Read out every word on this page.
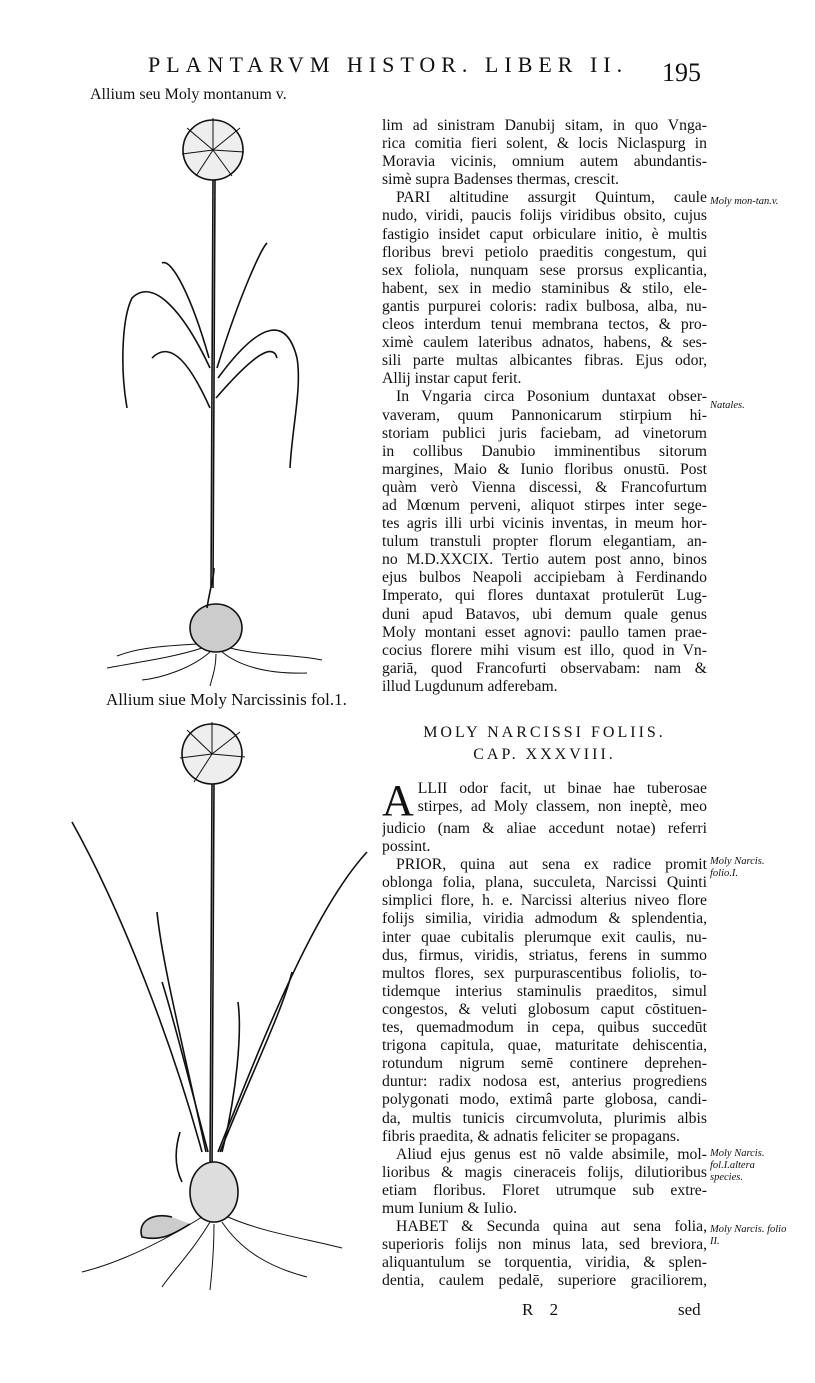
PLANTARVM HISTOR. LIBER II. 195
Allium seu Moly montanum v.
Allium siue Moly Narcissinis fol.1.
lim ad sinistram Danubij sitam, in quo Vnga-
rica comitia fieri solent, & locis Niclaspurg in
Moravia vicinis, omnium autem abundantis-
simè supra Badenses thermas, crescit.
PARI altitudine assurgit Quintum, caule
nudo, viridi, paucis folijs viridibus obsito, cujus
fastigio insidet caput orbiculare initio, è multis
floribus brevi petiolo praeditis congestum, qui
sex foliola, nunquam sese prorsus explicantia,
habent, sex in medio staminibus & stilo, ele-
gantis purpurei coloris: radix bulbosa, alba, nu-
cleos interdum tenui membrana tectos, & pro-
ximè caulem lateribus adnatos, habens, & ses-
sili parte multas albicantes fibras. Ejus odor,
Allij instar caput ferit.
In Vngaria circa Posonium duntaxat obser-
vaveram, quum Pannonicarum stirpium hi-
storiam publici juris faciebam, ad vinetorum
in collibus Danubio imminentibus sitorum
margines, Maio & Iunio floribus onustū. Post
quàm verò Vienna discessi, & Francofurtum
ad Mœnum perveni, aliquot stirpes inter sege-
tes agris illi urbi vicinis inventas, in meum hor-
tulum transtuli propter florum elegantiam, an-
no M.D.XXCIX. Tertio autem post anno, binos
ejus bulbos Neapoli accipiebam à Ferdinando
Imperato, qui flores duntaxat protulerūt Lug-
duni apud Batavos, ubi demum quale genus
Moly montani esset agnovi: paullo tamen prae-
cocius florere mihi visum est illo, quod in Vn-
gariā, quod Francofurti observabam: nam &
illud Lugdunum adferebam.
MOLY NARCISSI FOLIIS.
CAP. XXXVIII.
A LLII odor facit, ut binae hae tuberosae
stirpes, ad Moly classem, non ineptè, meo
judicio (nam & aliae accedunt notae) referri
possint.
PRIOR, quina aut sena ex radice promit
oblonga folia, plana, succuleta, Narcissi Quinti
simplici flore, h. e. Narcissi alterius niveo flore
folijs similia, viridia admodum & splendentia,
inter quae cubitalis plerumque exit caulis, nu-
dus, firmus, viridis, striatus, ferens in summo
multos flores, sex purpurascentibus foliolis, to-
tidemque interius staminulis praeditos, simul
congestos, & veluti globosum caput cōstituen-
tes, quemadmodum in cepa, quibus succedūt
trigona capitula, quae, maturitate dehiscentia,
rotundum nigrum semē continere deprehen-
duntur: radix nodosa est, anterius progrediens
polygonati modo, extimâ parte globosa, candi-
da, multis tunicis circumvoluta, plurimis albis
fibris praedita, & adnatis feliciter se propagans.
Aliud ejus genus est nō valde absimile, mol-
lioribus & magis cineraceis folijs, dilutioribus
etiam floribus. Floret utrumque sub extre-
mum Iunium & Iulio.
HABET & Secunda quina aut sena folia,
superioris folijs non minus lata, sed breviora,
aliquantulum se torquentia, viridia, & splen-
dentia, caulem pedalē, superiore graciliorem,
Moly mon-tan.v.
Natales.
Moly Narcis. folio.I.
Moly Narcis. fol.I.altera species.
Moly Narcis. folio II.
R 2	sed
